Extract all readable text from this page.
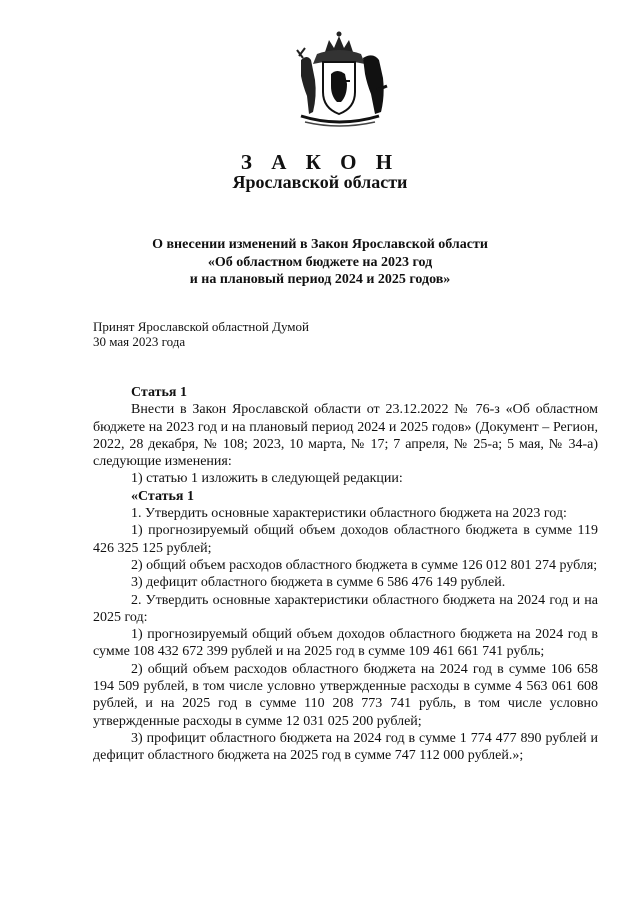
З А К О Н
Ярославской области
О внесении изменений в Закон Ярославской области
«Об областном бюджете на 2023 год
и на плановый период 2024 и 2025 годов»
Принят Ярославской областной Думой
30 мая 2023 года

Статья 1

Внести в Закон Ярославской области от 23.12.2022 № 76-з «Об областном бюджете на 2023 год и на плановый период 2024 и 2025 годов» (Документ – Регион, 2022, 28 декабря, № 108; 2023, 10 марта, № 17; 7 апреля, № 25-а; 5 мая, № 34-а) следующие изменения:

1) статью 1 изложить в следующей редакции:

«Статья 1

1. Утвердить основные характеристики областного бюджета на 2023 год:

1) прогнозируемый общий объем доходов областного бюджета в сумме 119 426 325 125 рублей;

2) общий объем расходов областного бюджета в сумме 126 012 801 274 рубля;

3) дефицит областного бюджета в сумме 6 586 476 149 рублей.

2. Утвердить основные характеристики областного бюджета на 2024 год и на 2025 год:

1) прогнозируемый общий объем доходов областного бюджета на 2024 год в сумме 108 432 672 399 рублей и на 2025 год в сумме 109 461 661 741 рубль;

2) общий объем расходов областного бюджета на 2024 год в сумме 106 658 194 509 рублей, в том числе условно утвержденные расходы в сумме 4 563 061 608 рублей, и на 2025 год в сумме 110 208 773 741 рубль, в том числе условно утвержденные расходы в сумме 12 031 025 200 рублей;

3) профицит областного бюджета на 2024 год в сумме 1 774 477 890 рублей и дефицит областного бюджета на 2025 год в сумме 747 112 000 рублей.»;
